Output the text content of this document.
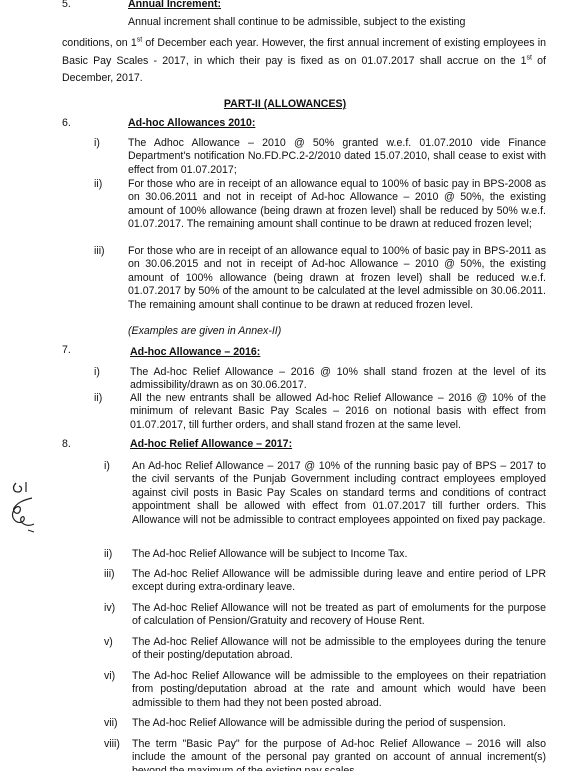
5.	Annual Increment:
Annual increment shall continue to be admissible, subject to the existing
conditions, on 1st of December each year. However, the first annual increment of existing employees in Basic Pay Scales - 2017, in which their pay is fixed as on 01.07.2017 shall accrue on the 1st of December, 2017.
PART-II (ALLOWANCES)
6.	Ad-hoc Allowances 2010:
i)	The Adhoc Allowance – 2010 @ 50% granted w.e.f. 01.07.2010 vide Finance Department's notification No.FD.PC.2-2/2010 dated 15.07.2010, shall cease to exist with effect from 01.07.2017;
ii) For those who are in receipt of an allowance equal to 100% of basic pay in BPS-2008 as on 30.06.2011 and not in receipt of Ad-hoc Allowance – 2010 @ 50%, the existing amount of 100% allowance (being drawn at frozen level) shall be reduced by 50% w.e.f. 01.07.2017. The remaining amount shall continue to be drawn at reduced frozen level;
iii) For those who are in receipt of an allowance equal to 100% of basic pay in BPS-2011 as on 30.06.2015 and not in receipt of Ad-hoc Allowance – 2010 @ 50%, the existing amount of 100% allowance (being drawn at frozen level) shall be reduced w.e.f. 01.07.2017 by 50% of the amount to be calculated at the level admissible on 30.06.2011. The remaining amount shall continue to be drawn at reduced frozen level.
(Examples are given in Annex-II)
7.	Ad-hoc Allowance – 2016:
i)	The Ad-hoc Relief Allowance – 2016 @ 10% shall stand frozen at the level of its admissibility/drawn as on 30.06.2017.
ii)	All the new entrants shall be allowed Ad-hoc Relief Allowance – 2016 @ 10% of the minimum of relevant Basic Pay Scales – 2016 on notional basis with effect from 01.07.2017, till further orders, and shall stand frozen at the same level.
8.	Ad-hoc Relief Allowance – 2017:
i) An Ad-hoc Relief Allowance – 2017 @ 10% of the running basic pay of BPS – 2017 to the civil servants of the Punjab Government including contract employees employed against civil posts in Basic Pay Scales on standard terms and conditions of contract appointment shall be allowed with effect from 01.07.2017 till further orders. This Allowance will not be admissible to contract employees appointed on fixed pay package.
ii) The Ad-hoc Relief Allowance will be subject to Income Tax.
iii) The Ad-hoc Relief Allowance will be admissible during leave and entire period of LPR except during extra-ordinary leave.
iv) The Ad-hoc Relief Allowance will not be treated as part of emoluments for the purpose of calculation of Pension/Gratuity and recovery of House Rent.
v) The Ad-hoc Relief Allowance will not be admissible to the employees during the tenure of their posting/deputation abroad.
vi) The Ad-hoc Relief Allowance will be admissible to the employees on their repatriation from posting/deputation abroad at the rate and amount which would have been admissible to them had they not been posted abroad.
vii) The Ad-hoc Relief Allowance will be admissible during the period of suspension.
viii) The term "Basic Pay" for the purpose of Ad-hoc Relief Allowance – 2016 will also include the amount of the personal pay granted on account of annual increment(s)
